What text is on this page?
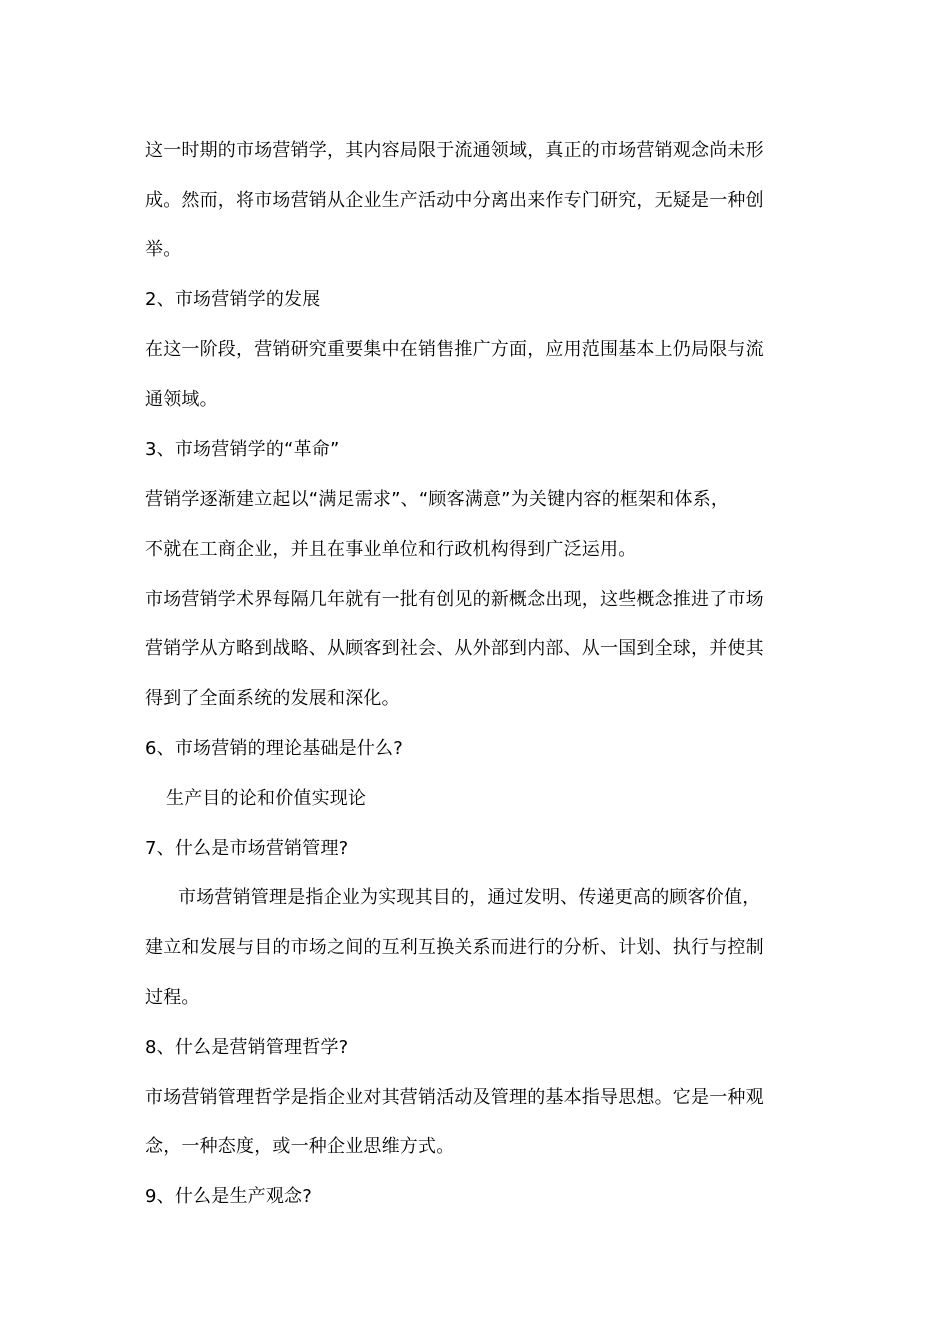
这一时期的市场营销学，其内容局限于流通领域，真正的市场营销观念尚未形
成。然而，将市场营销从企业生产活动中分离出来作专门研究，无疑是一种创
举。
2、市场营销学的发展
在这一阶段，营销研究重要集中在销售推广方面，应用范围基本上仍局限与流
通领域。
3、市场营销学的“革命”
营销学逐渐建立起以“满足需求”、“顾客满意”为关键内容的框架和体系，
不就在工商企业，并且在事业单位和行政机构得到广泛运用。
市场营销学术界每隔几年就有一批有创见的新概念出现，这些概念推进了市场
营销学从方略到战略、从顾客到社会、从外部到内部、从一国到全球，并使其
得到了全面系统的发展和深化。
6、市场营销的理论基础是什么?
生产目的论和价值实现论
7、什么是市场营销管理?
市场营销管理是指企业为实现其目的，通过发明、传递更高的顾客价值，
建立和发展与目的市场之间的互利互换关系而进行的分析、计划、执行与控制
过程。
8、什么是营销管理哲学?
市场营销管理哲学是指企业对其营销活动及管理的基本指导思想。它是一种观
念，一种态度，或一种企业思维方式。
9、什么是生产观念?
